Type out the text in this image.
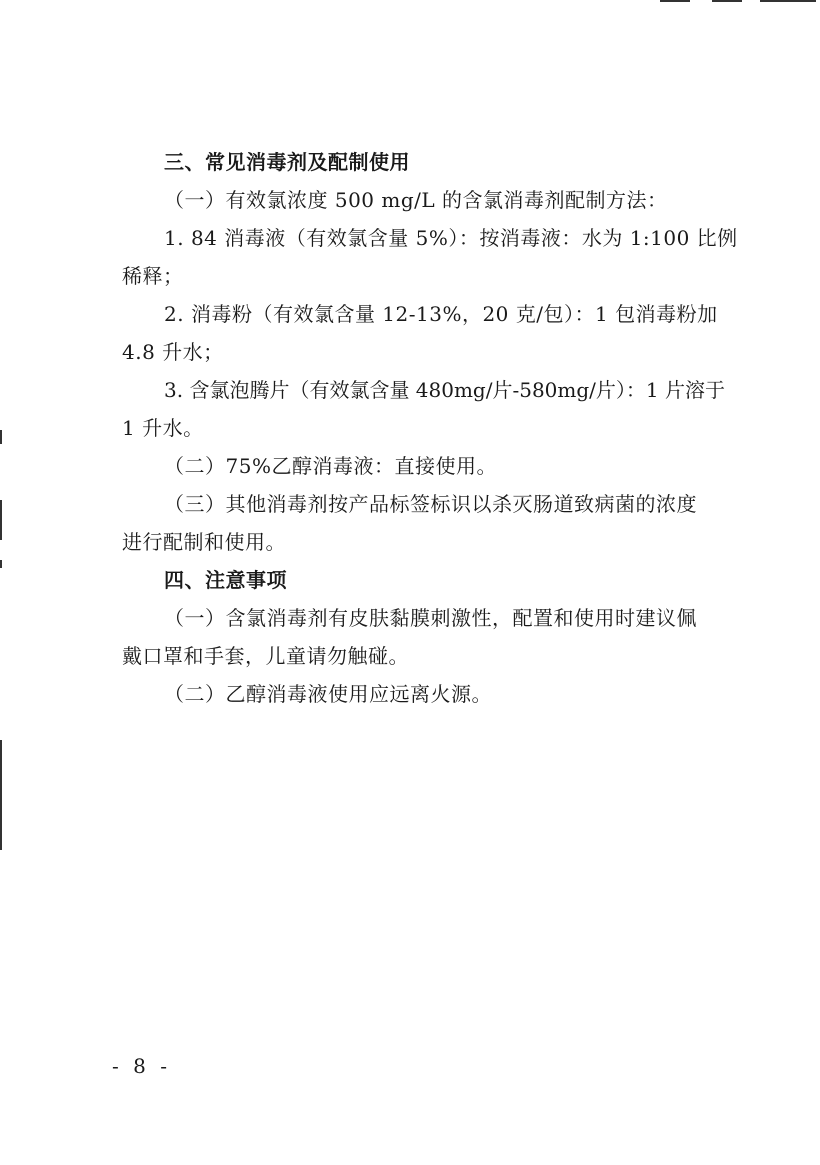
三、常见消毒剂及配制使用
（一）有效氯浓度 500 mg/L 的含氯消毒剂配制方法：
1. 84 消毒液（有效氯含量 5%）：按消毒液：水为 1:100 比例
稀释；
2. 消毒粉（有效氯含量 12-13%，20 克/包）：1 包消毒粉加
4.8 升水；
3. 含氯泡腾片（有效氯含量 480mg/片-580mg/片）：1 片溶于
1 升水。
（二）75%乙醇消毒液：直接使用。
（三）其他消毒剂按产品标签标识以杀灭肠道致病菌的浓度
进行配制和使用。
四、注意事项
（一）含氯消毒剂有皮肤黏膜刺激性，配置和使用时建议佩
戴口罩和手套，儿童请勿触碰。
（二）乙醇消毒液使用应远离火源。
- 8 -
